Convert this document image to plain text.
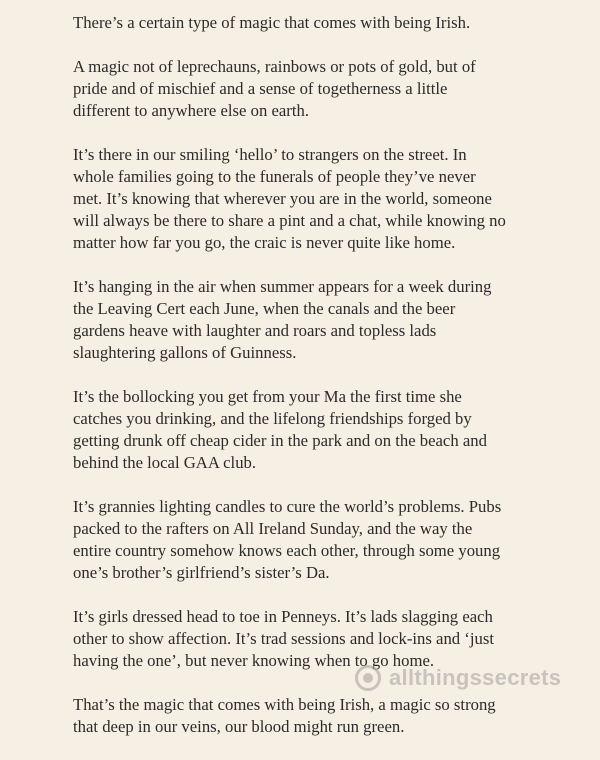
There’s a certain type of magic that comes with being Irish.

A magic not of leprechauns, rainbows or pots of gold, but of
pride and of mischief and a sense of togetherness a little
different to anywhere else on earth.

It’s there in our smiling ‘hello’ to strangers on the street. In
whole families going to the funerals of people they’ve never
met. It’s knowing that wherever you are in the world, someone
will always be there to share a pint and a chat, while knowing no
matter how far you go, the craic is never quite like home.

It’s hanging in the air when summer appears for a week during
the Leaving Cert each June, when the canals and the beer
gardens heave with laughter and roars and topless lads
slaughtering gallons of Guinness.

It’s the bollocking you get from your Ma the first time she
catches you drinking, and the lifelong friendships forged by
getting drunk off cheap cider in the park and on the beach and
behind the local GAA club.

It’s grannies lighting candles to cure the world’s problems. Pubs
packed to the rafters on All Ireland Sunday, and the way the
entire country somehow knows each other, through some young
one’s brother’s girlfriend’s sister’s Da.

It’s girls dressed head to toe in Penneys. It’s lads slagging each
other to show affection. It’s trad sessions and lock-ins and ‘just
having the one’, but never knowing when to go home.

That’s the magic that comes with being Irish, a magic so strong
that deep in our veins, our blood might run green.

allthingssecrets
